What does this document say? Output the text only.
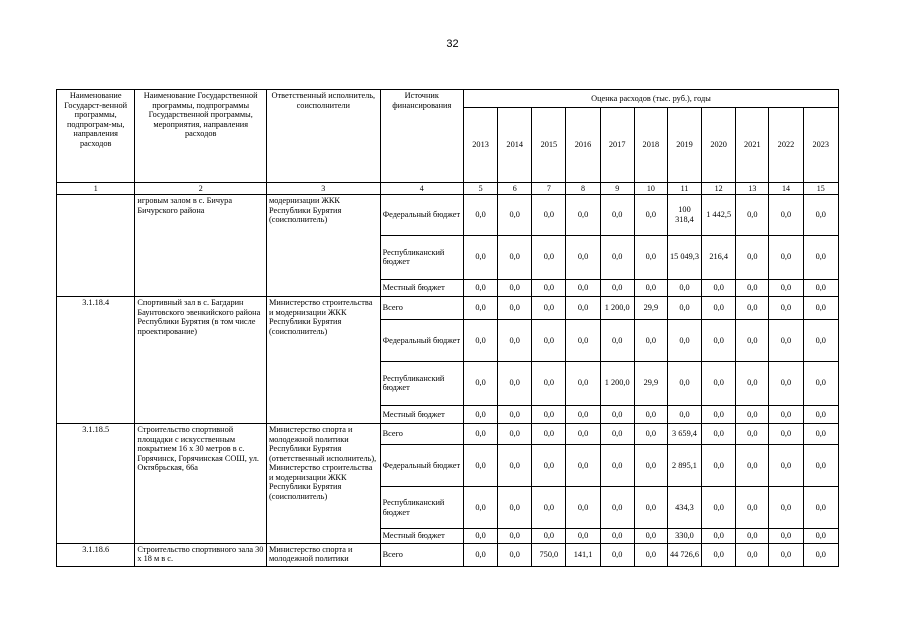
32
Наименование Государст-венной программы, подпрограм-мы, направления расходов	Наименование Государственной программы, подпрограммы Государственной программы, мероприятия, направления расходов	Ответственный исполнитель, соисполнители	Источник финансирования	Оценка расходов (тыс. руб.), годы										
				2013	2014	2015	2016	2017	2018	2019	2020	2021	2022	2023
1	2	3	4	5	6	7	8	9	10	11	12	13	14	15
	игровым залом в с. Бичура Бичурского района	модернизации ЖКК Республики Бурятия (соисполнитель)	Федеральный бюджет	0,0	0,0	0,0	0,0	0,0	0,0	100 318,4	1 442,5	0,0	0,0	0,0
			Республиканский бюджет	0,0	0,0	0,0	0,0	0,0	0,0	15 049,3	216,4	0,0	0,0	0,0
			Местный бюджет	0,0	0,0	0,0	0,0	0,0	0,0	0,0	0,0	0,0	0,0	0,0
3.1.18.4	Спортивный зал в с. Багдарин Баунтовского эвенкийского района Республики Бурятия (в том числе проектирование)	Министерство строительства и модернизации ЖКК Республики Бурятия (соисполнитель)	Всего	0,0	0,0	0,0	0,0	1 200,0	29,9	0,0	0,0	0,0	0,0	0,0
			Федеральный бюджет	0,0	0,0	0,0	0,0	0,0	0,0	0,0	0,0	0,0	0,0	0,0
			Республиканский бюджет	0,0	0,0	0,0	0,0	1 200,0	29,9	0,0	0,0	0,0	0,0	0,0
			Местный бюджет	0,0	0,0	0,0	0,0	0,0	0,0	0,0	0,0	0,0	0,0	0,0
3.1.18.5	Строительство спортивной площадки с искусственным покрытием 16 х 30 метров в с. Горячинск, Горячинская СОШ, ул. Октябрьская, 66а	Министерство спорта и молодежной политики Республики Бурятия (ответственный исполнитель), Министерство строительства и модернизации ЖКК Республики Бурятия (соисполнитель)	Всего	0,0	0,0	0,0	0,0	0,0	0,0	3 659,4	0,0	0,0	0,0	0,0
			Федеральный бюджет	0,0	0,0	0,0	0,0	0,0	0,0	2 895,1	0,0	0,0	0,0	0,0
			Республиканский бюджет	0,0	0,0	0,0	0,0	0,0	0,0	434,3	0,0	0,0	0,0	0,0
			Местный бюджет	0,0	0,0	0,0	0,0	0,0	0,0	330,0	0,0	0,0	0,0	0,0
3.1.18.6	Строительство спортивного зала 30 х 18 м в с.	Министерство спорта и молодежной политики	Всего	0,0	0,0	750,0	141,1	0,0	0,0	44 726,6	0,0	0,0	0,0	0,0
